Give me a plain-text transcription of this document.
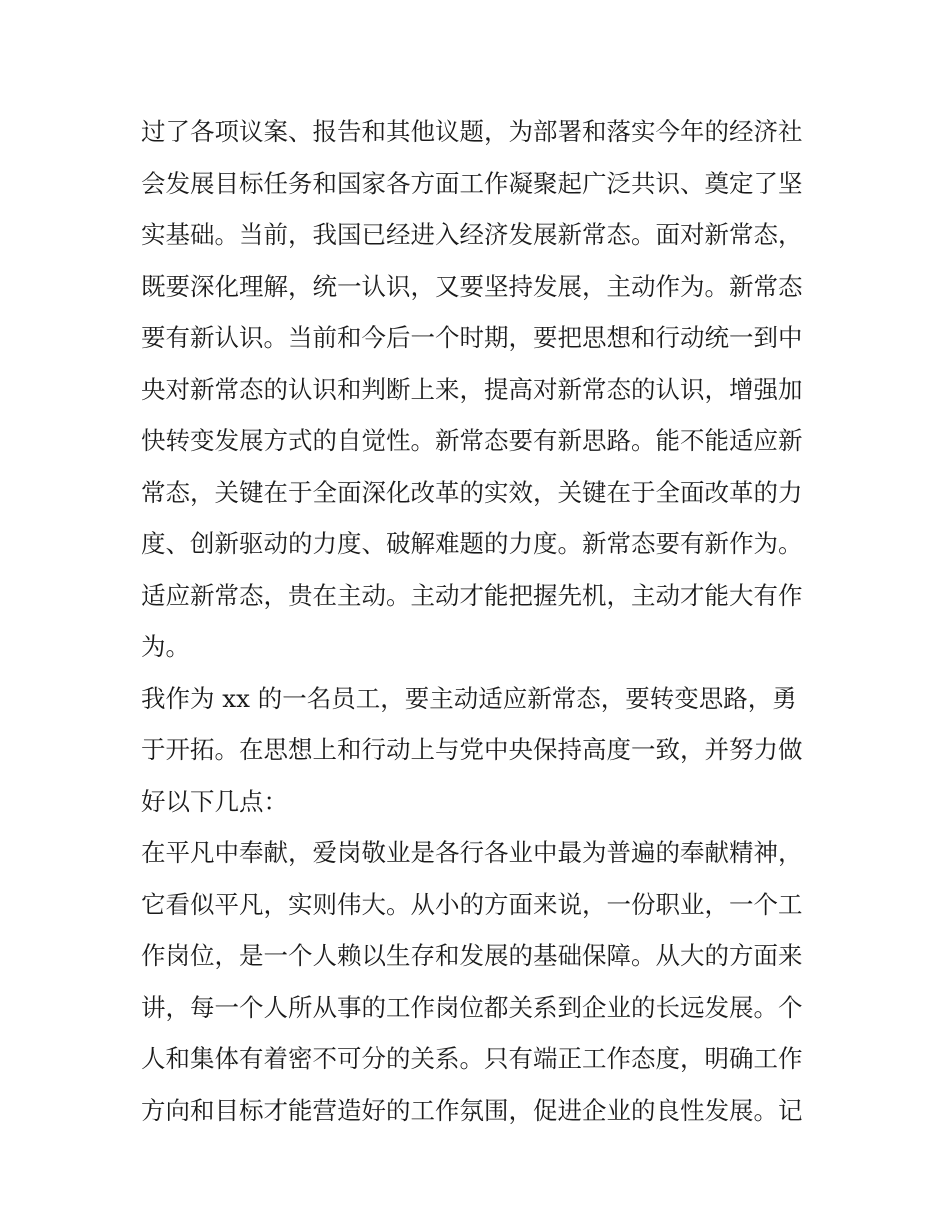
过了各项议案、报告和其他议题，为部署和落实今年的经济社
会发展目标任务和国家各方面工作凝聚起广泛共识、奠定了坚
实基础。当前，我国已经进入经济发展新常态。面对新常态，
既要深化理解，统一认识，又要坚持发展，主动作为。新常态
要有新认识。当前和今后一个时期，要把思想和行动统一到中
央对新常态的认识和判断上来，提高对新常态的认识，增强加
快转变发展方式的自觉性。新常态要有新思路。能不能适应新
常态，关键在于全面深化改革的实效，关键在于全面改革的力
度、创新驱动的力度、破解难题的力度。新常态要有新作为。
适应新常态，贵在主动。主动才能把握先机，主动才能大有作
为。
我作为 xx 的一名员工，要主动适应新常态，要转变思路，勇
于开拓。在思想上和行动上与党中央保持高度一致，并努力做
好以下几点：
在平凡中奉献，爱岗敬业是各行各业中最为普遍的奉献精神，
它看似平凡，实则伟大。从小的方面来说，一份职业，一个工
作岗位，是一个人赖以生存和发展的基础保障。从大的方面来
讲，每一个人所从事的工作岗位都关系到企业的长远发展。个
人和集体有着密不可分的关系。只有端正工作态度，明确工作
方向和目标才能营造好的工作氛围，促进企业的良性发展。记
